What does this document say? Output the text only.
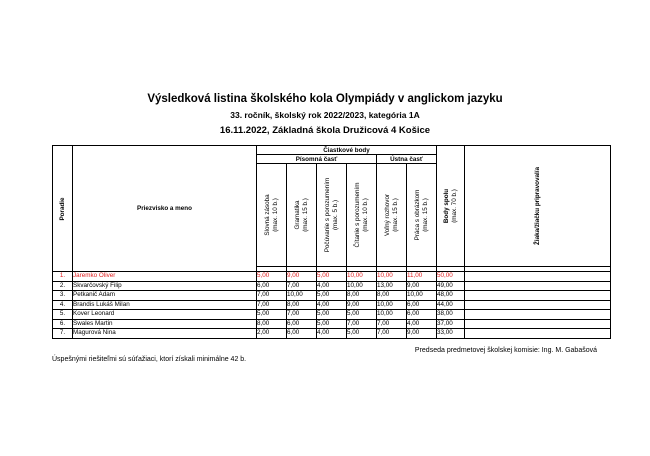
Výsledková listina školského kola Olympiády v anglickom jazyku
33. ročník, školský rok 2022/2023, kategória 1A
16.11.2022, Základná škola Družicová 4 Košice
Poradie	Priezvisko a meno	Čiastkové body						Body spolu
(max. 70 b.)	Žiaka/žiačku pripravoval/a

		Písomná časť				Ústna časť			

		Slovná zásoba
(max. 10 b.)	Gramatika
(max. 15 b.)	Počúvanie s porozumením
(max. 5 b.)	Čítanie s porozumením
(max. 10 b.)	Voľný rozhovor
(max. 15 b.)	Práca s obrázkom
(max. 15 b.)		

1.	Jaremko Oliver	5,00	9,00	5,00	10,00	10,00	11,00	50,00	
2.	Škvarčovský Filip	6,00	7,00	4,00	10,00	13,00	9,00	49,00	
3.	Petkanič Adam	7,00	10,00	5,00	8,00	8,00	10,00	48,00	
4.	Brandis Lukáš Milan	7,00	8,00	4,00	9,00	10,00	6,00	44,00	
5.	Kover Leonard	5,00	7,00	5,00	5,00	10,00	6,00	38,00	
6.	Swales Martin	8,00	6,00	5,00	7,00	7,00	4,00	37,00	
7.	Magurová Nina	2,00	6,00	4,00	5,00	7,00	9,00	33,00	
Predseda predmetovej školskej komisie: Ing. M. Gabašová
Úspešnými riešiteľmi sú súťažiaci, ktorí získali minimálne 42 b.
